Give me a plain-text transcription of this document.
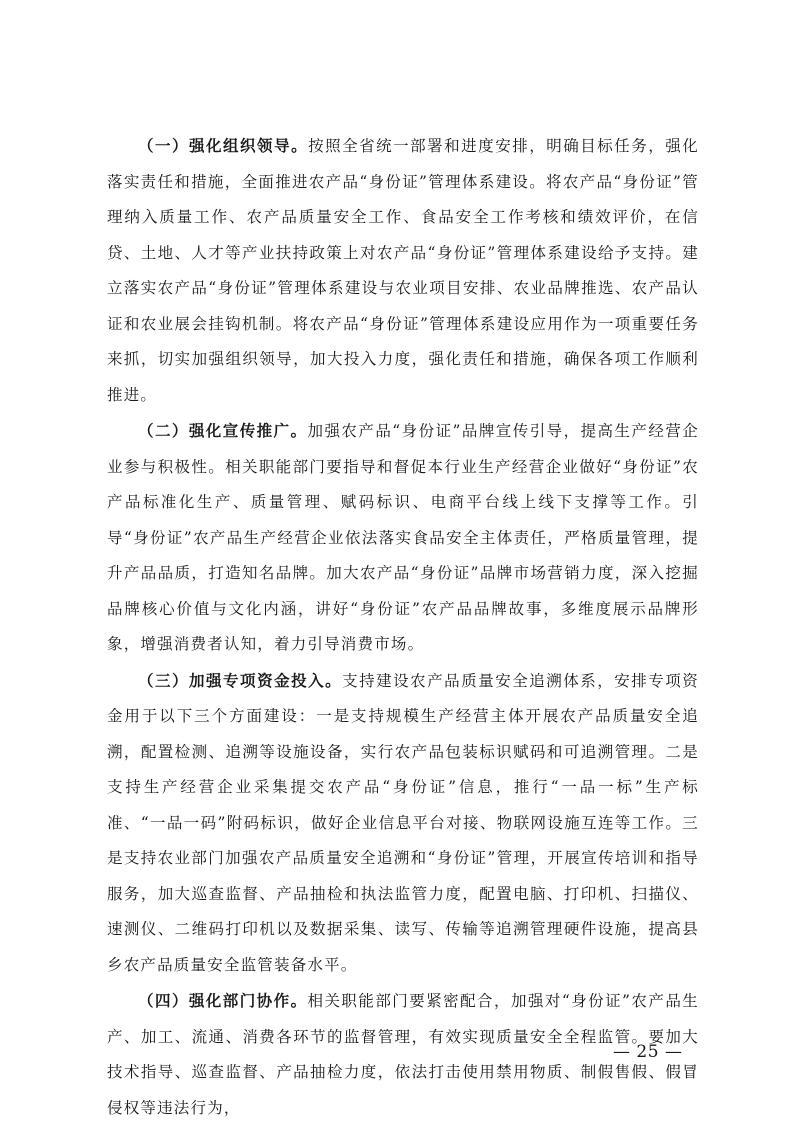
（一）强化组织领导。按照全省统一部署和进度安排，明确目标任务，强化落实责任和措施，全面推进农产品“身份证”管理体系建设。将农产品“身份证”管理纳入质量工作、农产品质量安全工作、食品安全工作考核和绩效评价，在信贷、土地、人才等产业扶持政策上对农产品“身份证”管理体系建设给予支持。建立落实农产品“身份证”管理体系建设与农业项目安排、农业品牌推选、农产品认证和农业展会挂钩机制。将农产品“身份证”管理体系建设应用作为一项重要任务来抓，切实加强组织领导，加大投入力度，强化责任和措施，确保各项工作顺利推进。

（二）强化宣传推广。加强农产品“身份证”品牌宣传引导，提高生产经营企业参与积极性。相关职能部门要指导和督促本行业生产经营企业做好“身份证”农产品标准化生产、质量管理、赋码标识、电商平台线上线下支撑等工作。引导“身份证”农产品生产经营企业依法落实食品安全主体责任，严格质量管理，提升产品品质，打造知名品牌。加大农产品“身份证”品牌市场营销力度，深入挖掘品牌核心价值与文化内涵，讲好“身份证”农产品品牌故事，多维度展示品牌形象，增强消费者认知，着力引导消费市场。

（三）加强专项资金投入。支持建设农产品质量安全追溯体系，安排专项资金用于以下三个方面建设：一是支持规模生产经营主体开展农产品质量安全追溯，配置检测、追溯等设施设备，实行农产品包装标识赋码和可追溯管理。二是支持生产经营企业采集提交农产品“身份证”信息，推行“一品一标”生产标准、“一品一码”附码标识，做好企业信息平台对接、物联网设施互连等工作。三是支持农业部门加强农产品质量安全追溯和“身份证”管理，开展宣传培训和指导服务，加大巡查监督、产品抽检和执法监管力度，配置电脑、打印机、扫描仪、速测仪、二维码打印机以及数据采集、读写、传输等追溯管理硬件设施，提高县乡农产品质量安全监管装备水平。

（四）强化部门协作。相关职能部门要紧密配合，加强对“身份证”农产品生产、加工、流通、消费各环节的监督管理，有效实现质量安全全程监管。要加大技术指导、巡查监督、产品抽检力度，依法打击使用禁用物质、制假售假、假冒侵权等违法行为，

— 25 —
